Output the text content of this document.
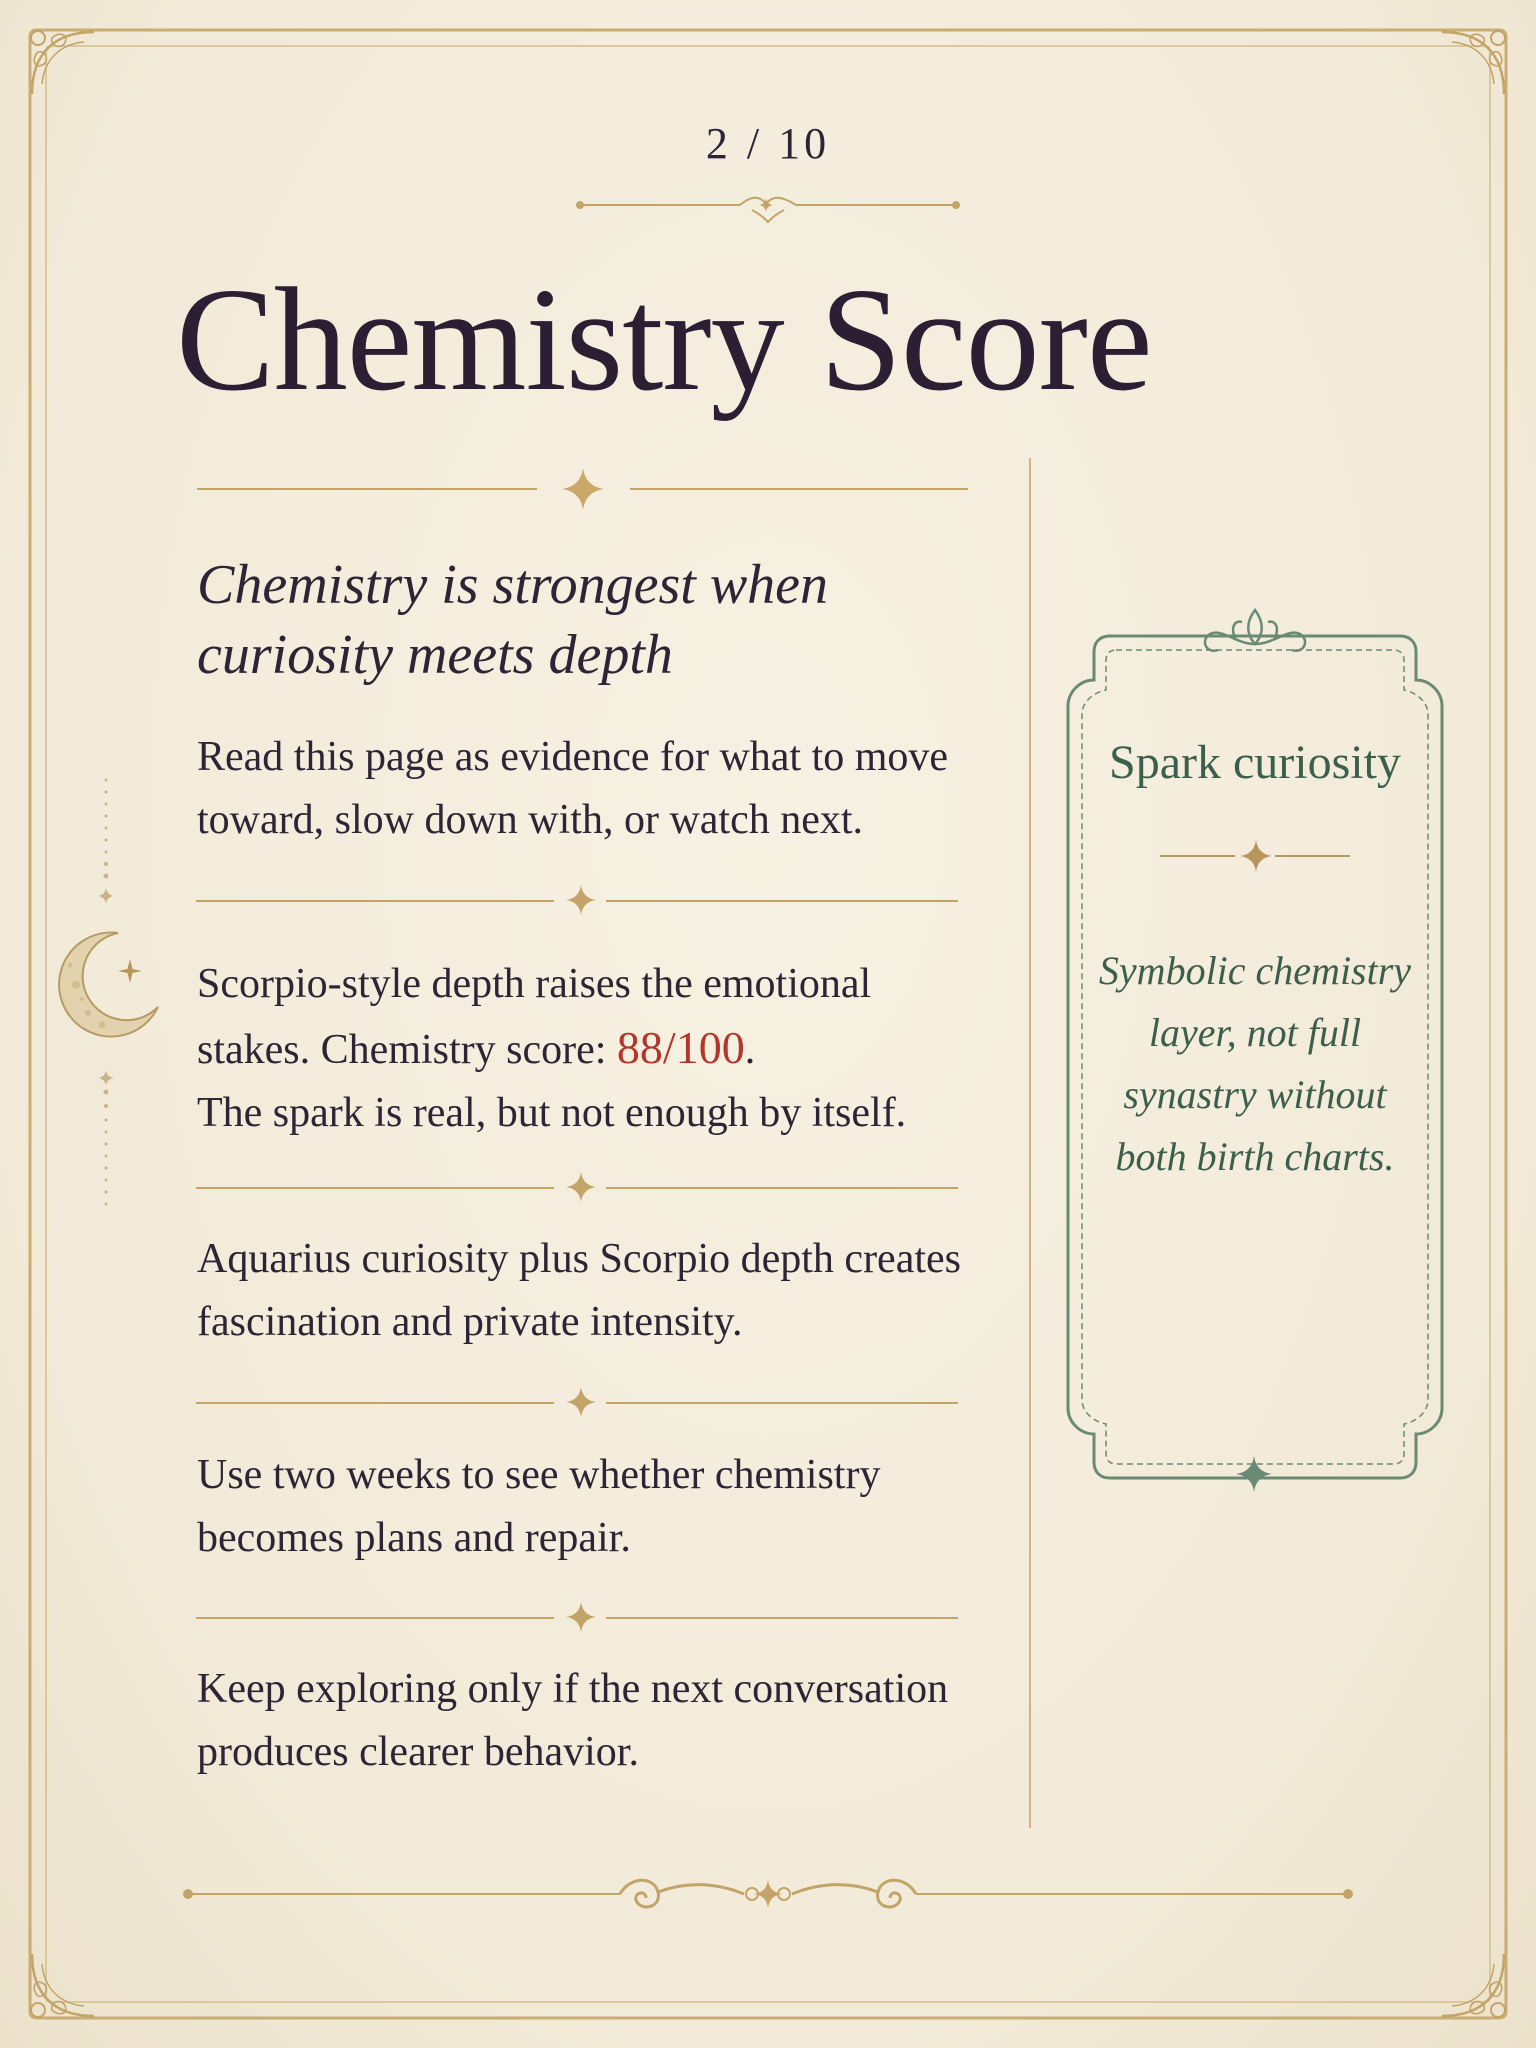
2 / 10
Chemistry Score
Chemistry is strongest when curiosity meets depth
Read this page as evidence for what to move toward, slow down with, or watch next.
Scorpio-style depth raises the emotional stakes. Chemistry score: 88/100.
The spark is real, but not enough by itself.
Aquarius curiosity plus Scorpio depth creates fascination and private intensity.
Use two weeks to see whether chemistry becomes plans and repair.
Keep exploring only if the next conversation produces clearer behavior.
Spark curiosity
Symbolic chemistry layer, not full synastry without both birth charts.
